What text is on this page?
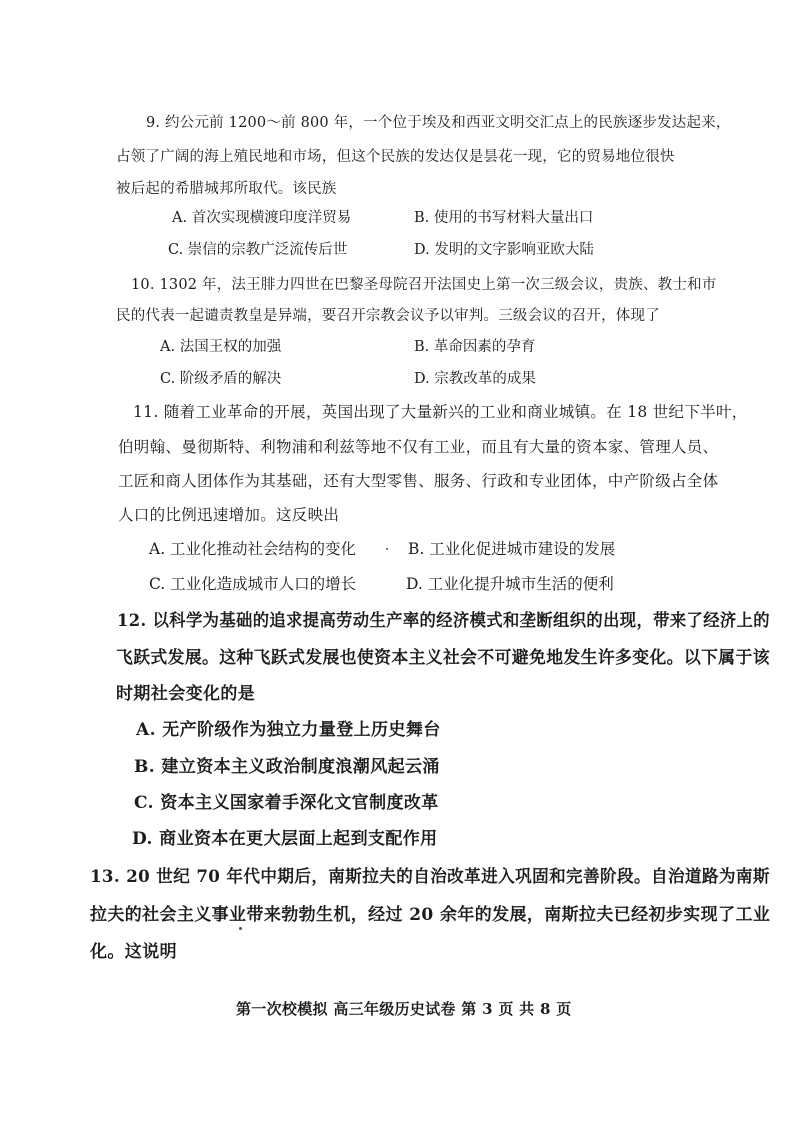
9. 约公元前 1200～前 800 年，一个位于埃及和西亚文明交汇点上的民族逐步发达起来，
占领了广阔的海上殖民地和市场，但这个民族的发达仅是昙花一现，它的贸易地位很快
被后起的希腊城邦所取代。该民族
A. 首次实现横渡印度洋贸易	B. 使用的书写材料大量出口
C. 崇信的宗教广泛流传后世	D. 发明的文字影响亚欧大陆
10. 1302 年，法王腓力四世在巴黎圣母院召开法国史上第一次三级会议，贵族、教士和市
民的代表一起谴责教皇是异端，要召开宗教会议予以审判。三级会议的召开，体现了
A. 法国王权的加强	B. 革命因素的孕育
C. 阶级矛盾的解决	D. 宗教改革的成果
11. 随着工业革命的开展，英国出现了大量新兴的工业和商业城镇。在 18 世纪下半叶，
伯明翰、曼彻斯特、利物浦和利兹等地不仅有工业，而且有大量的资本家、管理人员、
工匠和商人团体作为其基础，还有大型零售、服务、行政和专业团体，中产阶级占全体
人口的比例迅速增加。这反映出
A. 工业化推动社会结构的变化	B. 工业化促进城市建设的发展
C. 工业化造成城市人口的增长	D. 工业化提升城市生活的便利
12. 以科学为基础的追求提高劳动生产率的经济模式和垄断组织的出现，带来了经济上的
飞跃式发展。这种飞跃式发展也使资本主义社会不可避免地发生许多变化。以下属于该
时期社会变化的是
A. 无产阶级作为独立力量登上历史舞台
B. 建立资本主义政治制度浪潮风起云涌
C. 资本主义国家着手深化文官制度改革
D. 商业资本在更大层面上起到支配作用
13. 20 世纪 70 年代中期后，南斯拉夫的自治改革进入巩固和完善阶段。自治道路为南斯
拉夫的社会主义事业带来勃勃生机，经过 20 余年的发展，南斯拉夫已经初步实现了工业
化。这说明
第一次校模拟 高三年级历史试卷 第 3 页 共 8 页
